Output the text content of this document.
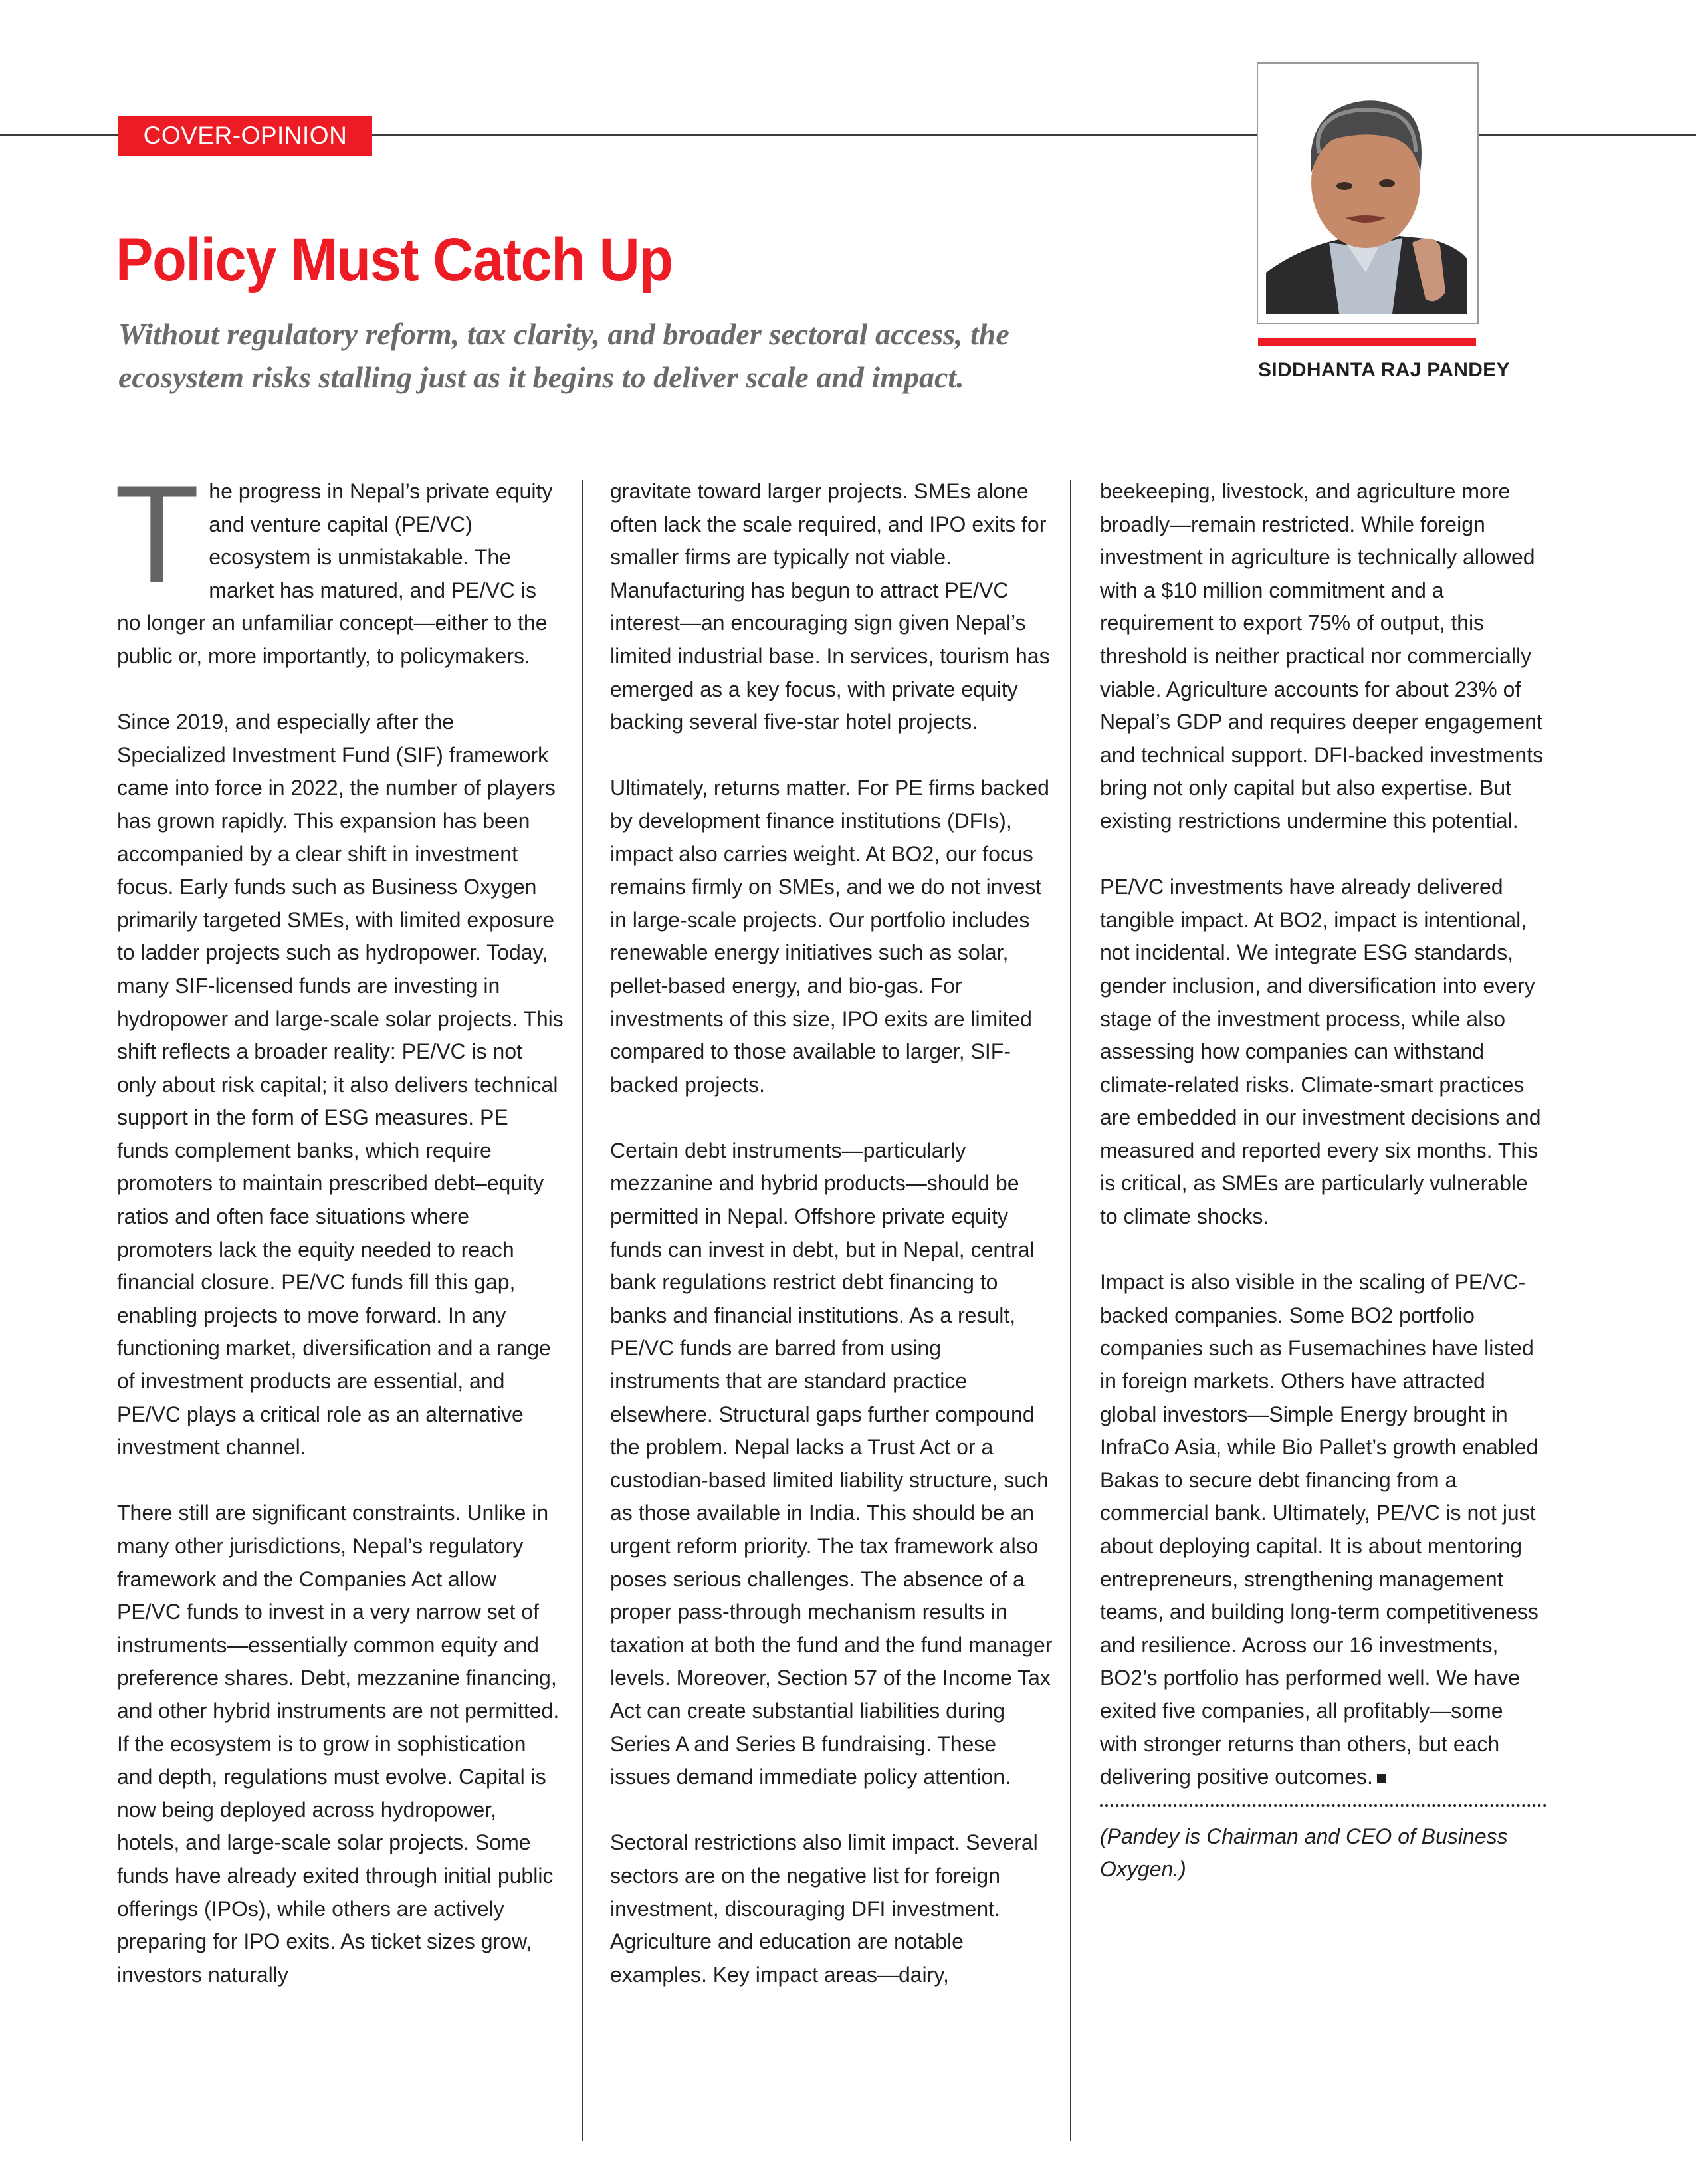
COVER-OPINION
Policy Must Catch Up

Without regulatory reform, tax clarity, and broader sectoral access, the ecosystem risks stalling just as it begins to deliver scale and impact.	SIDDHANTA RAJ PANDEY

The progress in Nepal’s private equity and venture capital (PE/VC) ecosystem is unmistakable. The market has matured, and PE/VC is no longer an unfamiliar concept—either to the public or, more importantly, to policymakers.

Since 2019, and especially after the Specialized Investment Fund (SIF) framework came into force in 2022, the number of players has grown rapidly. This expansion has been accompanied by a clear shift in investment focus. Early funds such as Business Oxygen primarily targeted SMEs, with limited exposure to ladder projects such as hydropower. Today, many SIF-licensed funds are investing in hydropower and large-scale solar projects. This shift reflects a broader reality: PE/VC is not only about risk capital; it also delivers technical support in the form of ESG measures. PE funds complement banks, which require promoters to maintain prescribed debt–equity ratios and often face situations where promoters lack the equity needed to reach financial closure. PE/VC funds fill this gap, enabling projects to move forward. In any functioning market, diversification and a range of investment products are essential, and PE/VC plays a critical role as an alternative investment channel.

There still are significant constraints. Unlike in many other jurisdictions, Nepal’s regulatory framework and the Companies Act allow PE/VC funds to invest in a very narrow set of instruments—essentially common equity and preference shares. Debt, mezzanine financing, and other hybrid instruments are not permitted. If the ecosystem is to grow in sophistication and depth, regulations must evolve. Capital is now being deployed across hydropower, hotels, and large-scale solar projects. Some funds have already exited through initial public offerings (IPOs), while others are actively preparing for IPO exits. As ticket sizes grow, investors naturally

gravitate toward larger projects. SMEs alone often lack the scale required, and IPO exits for smaller firms are typically not viable. Manufacturing has begun to attract PE/VC interest—an encouraging sign given Nepal’s limited industrial base. In services, tourism has emerged as a key focus, with private equity backing several five-star hotel projects.

Ultimately, returns matter. For PE firms backed by development finance institutions (DFIs), impact also carries weight. At BO2, our focus remains firmly on SMEs, and we do not invest in large-scale projects. Our portfolio includes renewable energy initiatives such as solar, pellet-based energy, and bio-gas. For investments of this size, IPO exits are limited compared to those available to larger, SIF-backed projects.

Certain debt instruments—particularly mezzanine and hybrid products—should be permitted in Nepal. Offshore private equity funds can invest in debt, but in Nepal, central bank regulations restrict debt financing to banks and financial institutions. As a result, PE/VC funds are barred from using instruments that are standard practice elsewhere. Structural gaps further compound the problem. Nepal lacks a Trust Act or a custodian-based limited liability structure, such as those available in India. This should be an urgent reform priority. The tax framework also poses serious challenges. The absence of a proper pass-through mechanism results in taxation at both the fund and the fund manager levels. Moreover, Section 57 of the Income Tax Act can create substantial liabilities during Series A and Series B fundraising. These issues demand immediate policy attention.

Sectoral restrictions also limit impact. Several sectors are on the negative list for foreign investment, discouraging DFI investment. Agriculture and education are notable examples. Key impact areas—dairy,

beekeeping, livestock, and agriculture more broadly—remain restricted. While foreign investment in agriculture is technically allowed with a $10 million commitment and a requirement to export 75% of output, this threshold is neither practical nor commercially viable. Agriculture accounts for about 23% of Nepal’s GDP and requires deeper engagement and technical support. DFI-backed investments bring not only capital but also expertise. But existing restrictions undermine this potential.

PE/VC investments have already delivered tangible impact. At BO2, impact is intentional, not incidental. We integrate ESG standards, gender inclusion, and diversification into every stage of the investment process, while also assessing how companies can withstand climate-related risks. Climate-smart practices are embedded in our investment decisions and measured and reported every six months. This is critical, as SMEs are particularly vulnerable to climate shocks.

Impact is also visible in the scaling of PE/VC-backed companies. Some BO2 portfolio companies such as Fusemachines have listed in foreign markets. Others have attracted global investors—Simple Energy brought in InfraCo Asia, while Bio Pallet’s growth enabled Bakas to secure debt financing from a commercial bank. Ultimately, PE/VC is not just about deploying capital. It is about mentoring entrepreneurs, strengthening management teams, and building long-term competitiveness and resilience. Across our 16 investments, BO2’s portfolio has performed well. We have exited five companies, all profitably—some with stronger returns than others, but each delivering positive outcomes.

(Pandey is Chairman and CEO of Business Oxygen.)
